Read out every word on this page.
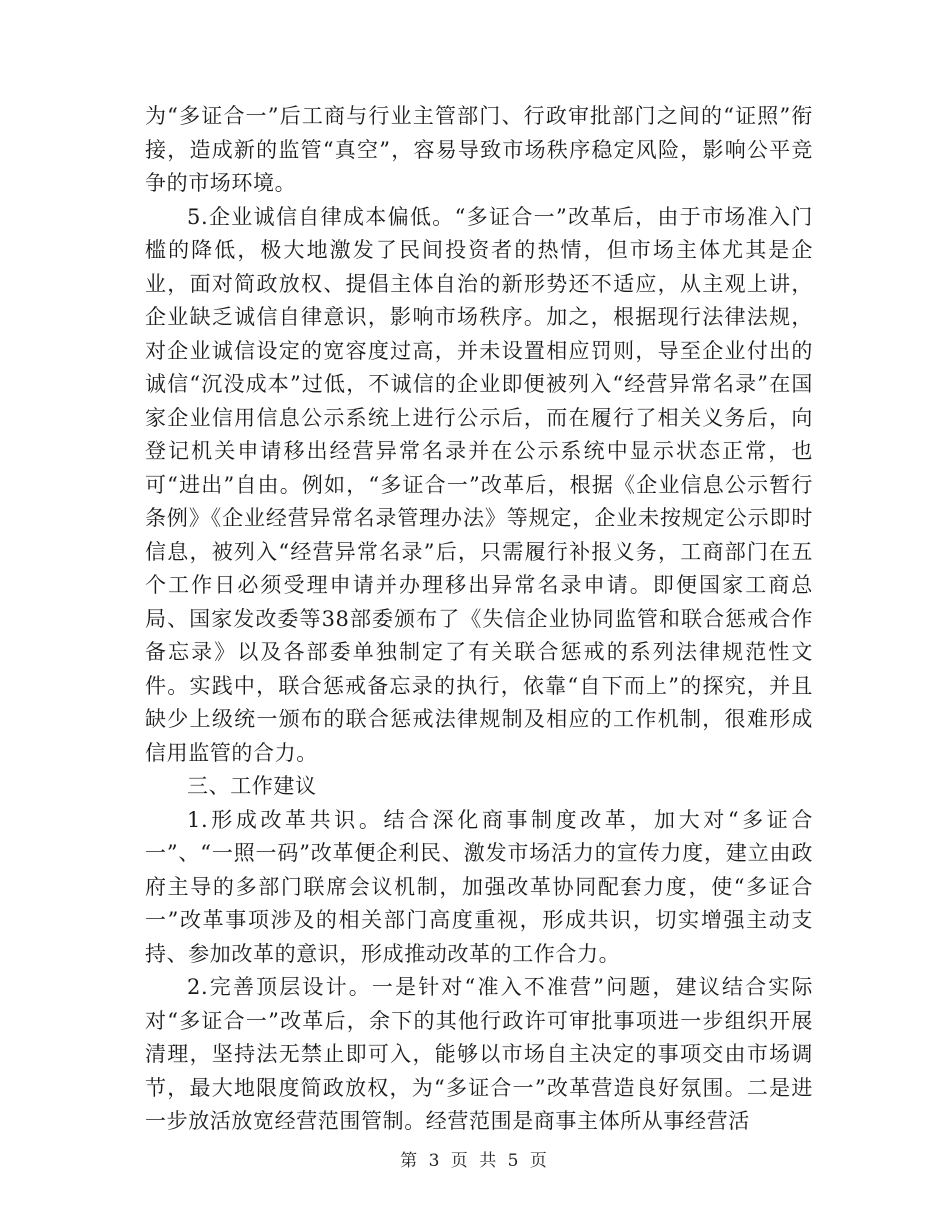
为“多证合一”后工商与行业主管部门、行政审批部门之间的“证照”衔接，造成新的监管“真空”，容易导致市场秩序稳定风险，影响公平竞争的市场环境。

5.企业诚信自律成本偏低。“多证合一”改革后，由于市场准入门槛的降低，极大地激发了民间投资者的热情，但市场主体尤其是企业，面对简政放权、提倡主体自治的新形势还不适应，从主观上讲，企业缺乏诚信自律意识，影响市场秩序。加之，根据现行法律法规，对企业诚信设定的宽容度过高，并未设置相应罚则，导至企业付出的诚信“沉没成本”过低，不诚信的企业即便被列入“经营异常名录”在国家企业信用信息公示系统上进行公示后，而在履行了相关义务后，向登记机关申请移出经营异常名录并在公示系统中显示状态正常，也可“进出”自由。例如，“多证合一”改革后，根据《企业信息公示暂行条例》《企业经营异常名录管理办法》等规定，企业未按规定公示即时信息，被列入“经营异常名录”后，只需履行补报义务，工商部门在五个工作日必须受理申请并办理移出异常名录申请。即便国家工商总局、国家发改委等38部委颁布了《失信企业协同监管和联合惩戒合作备忘录》以及各部委单独制定了有关联合惩戒的系列法律规范性文件。实践中，联合惩戒备忘录的执行，依靠“自下而上”的探究，并且缺少上级统一颁布的联合惩戒法律规制及相应的工作机制，很难形成信用监管的合力。

三、工作建议

1.形成改革共识。结合深化商事制度改革，加大对“多证合一”、“一照一码”改革便企利民、激发市场活力的宣传力度，建立由政府主导的多部门联席会议机制，加强改革协同配套力度，使“多证合一”改革事项涉及的相关部门高度重视，形成共识，切实增强主动支持、参加改革的意识，形成推动改革的工作合力。

2.完善顶层设计。一是针对“准入不准营”问题，建议结合实际对“多证合一”改革后，余下的其他行政许可审批事项进一步组织开展清理，坚持法无禁止即可入，能够以市场自主决定的事项交由市场调节，最大地限度简政放权，为“多证合一”改革营造良好氛围。二是进一步放活放宽经营范围管制。经营范围是商事主体所从事经营活

第 3 页 共 5 页
